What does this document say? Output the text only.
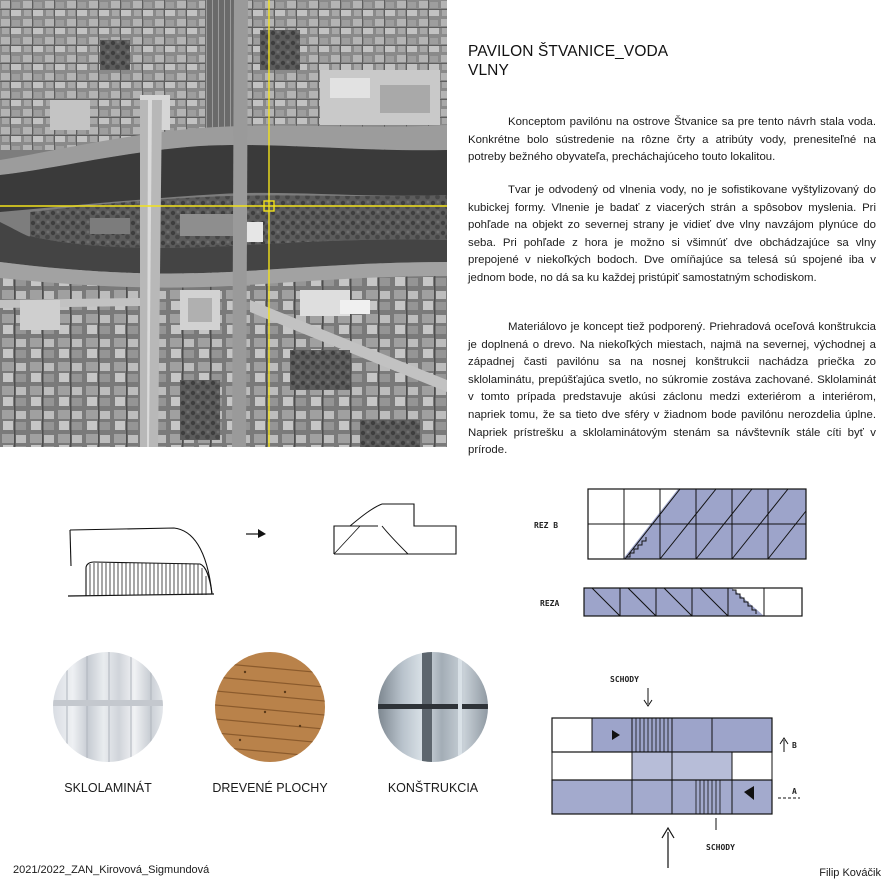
PAVILON ŠTVANICE_VODA
VLNY

Konceptom pavilónu na ostrove Štvanice sa pre tento návrh stala voda. Konkrétne bolo sústredenie na rôzne črty a atribúty vody, prenesiteľné na potreby bežného obyvateľa, precháchajúceho touto lokalitou.

Tvar je odvodený od vlnenia vody, no je sofistikovane vyštylizovaný do kubickej formy. Vlnenie je badať z viacerých strán a spôsobov myslenia. Pri pohľade na objekt zo severnej strany je vidieť dve vlny navzájom plynúce do seba. Pri pohľade z hora je možno si všimnúť dve obchádzajúce sa vlny prepojené v niekoľkých bodoch. Dve omíňajúce sa telesá sú spojené iba v jednom bode, no dá sa ku každej pristúpiť samostatným schodiskom.

Materiálovo je koncept tiež podporený. Priehradová oceľová konštrukcia je doplnená o drevo. Na niekoľkých miestach, najmä na severnej, východnej a západnej časti pavilónu sa na nosnej konštrukcii nachádza priečka zo sklolaminátu, prepúšťajúca svetlo, no súkromie zostáva zachované. Sklolaminát v tomto prípada predstavuje akúsi záclonu medzi exteriérom a interiérom, napriek tomu, že sa tieto dve sféry v žiadnom bode pavilónu nerozdelia úplne. Napriek prístrešku a sklolaminátovým stenám sa návštevník stále cíti byť v prírode.

REZ B
REZA
SCHODY
B
A
SCHODY
SKLOLAMINÁT	DREVENÉ PLOCHY	KONŠTRUKCIA
2021/2022_ZAN_Kirovová_Sigmundová	Filip Kováčik
